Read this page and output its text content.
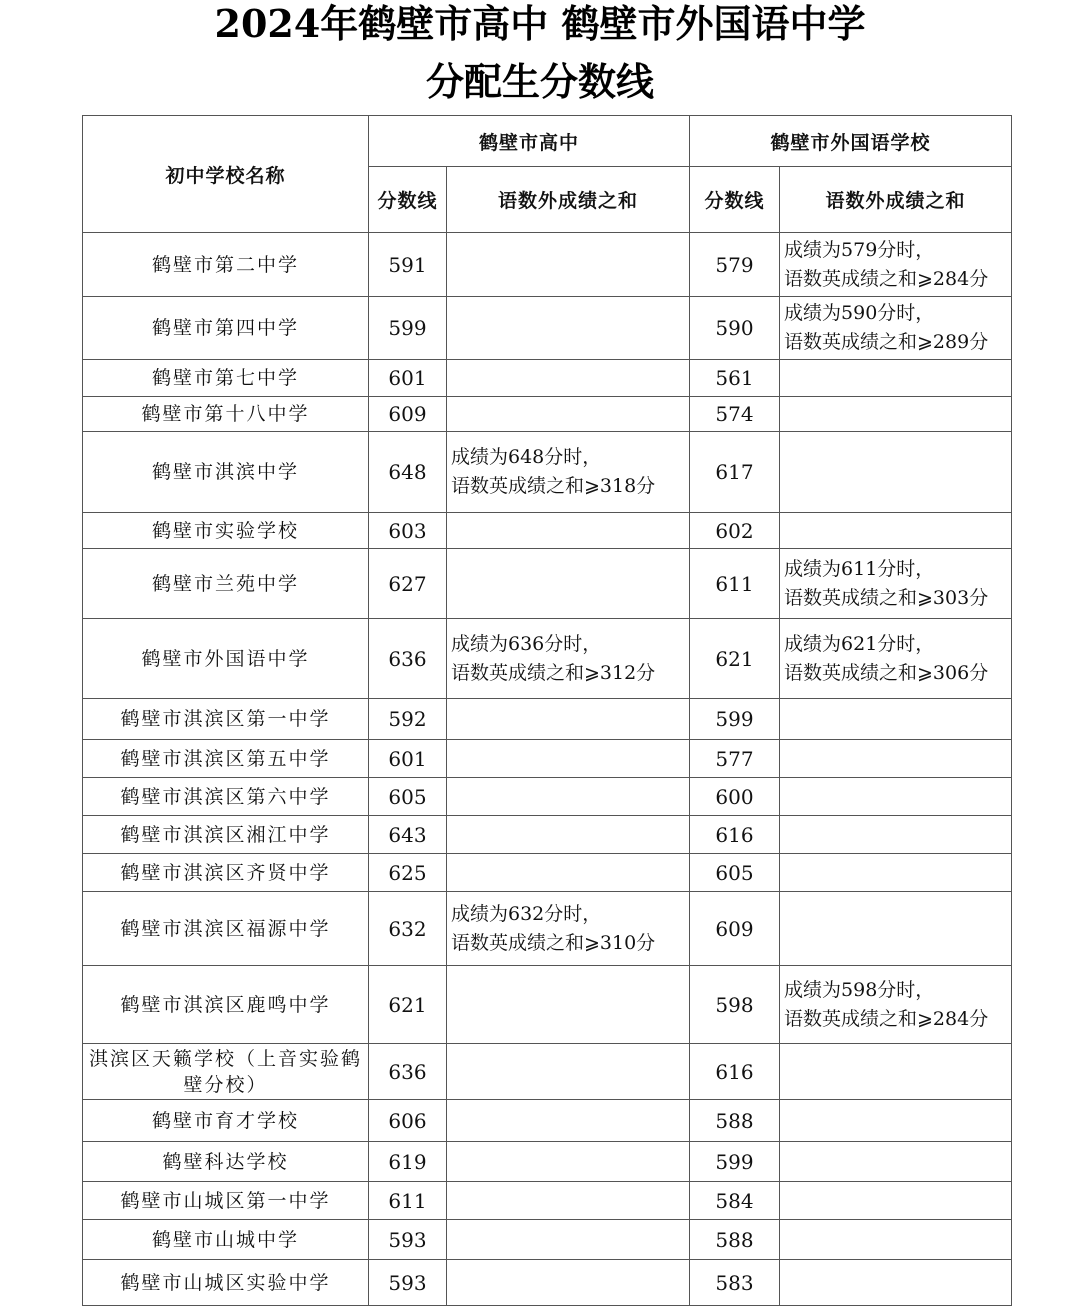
2024年鹤壁市高中 鹤壁市外国语中学
分配生分数线
初中学校名称	鹤壁市高中		鹤壁市外国语学校	
	分数线	语数外成绩之和	分数线	语数外成绩之和
鹤壁市第二中学	591		579	成绩为579分时，
语数英成绩之和⩾284分

鹤壁市第四中学	599		590	成绩为590分时，
语数英成绩之和⩾289分

鹤壁市第七中学	601		561	
鹤壁市第十八中学	609		574	
鹤壁市淇滨中学	648	成绩为648分时，
语数英成绩之和⩾318分	617	
鹤壁市实验学校	603		602	
鹤壁市兰苑中学	627		611	成绩为611分时，
语数英成绩之和⩾303分

鹤壁市外国语中学	636	成绩为636分时，
语数英成绩之和⩾312分	621	成绩为621分时，
语数英成绩之和⩾306分

鹤壁市淇滨区第一中学	592		599	
鹤壁市淇滨区第五中学	601		577	
鹤壁市淇滨区第六中学	605		600	
鹤壁市淇滨区湘江中学	643		616	
鹤壁市淇滨区齐贤中学	625		605	
鹤壁市淇滨区福源中学	632	成绩为632分时，
语数英成绩之和⩾310分	609	
鹤壁市淇滨区鹿鸣中学	621		598	成绩为598分时，
语数英成绩之和⩾284分

淇滨区天籁学校（上音实验鹤壁分校）	636		616	
鹤壁市育才学校	606		588	
鹤壁科达学校	619		599	
鹤壁市山城区第一中学	611		584	
鹤壁市山城中学	593		588	
鹤壁市山城区实验中学	593		583	
